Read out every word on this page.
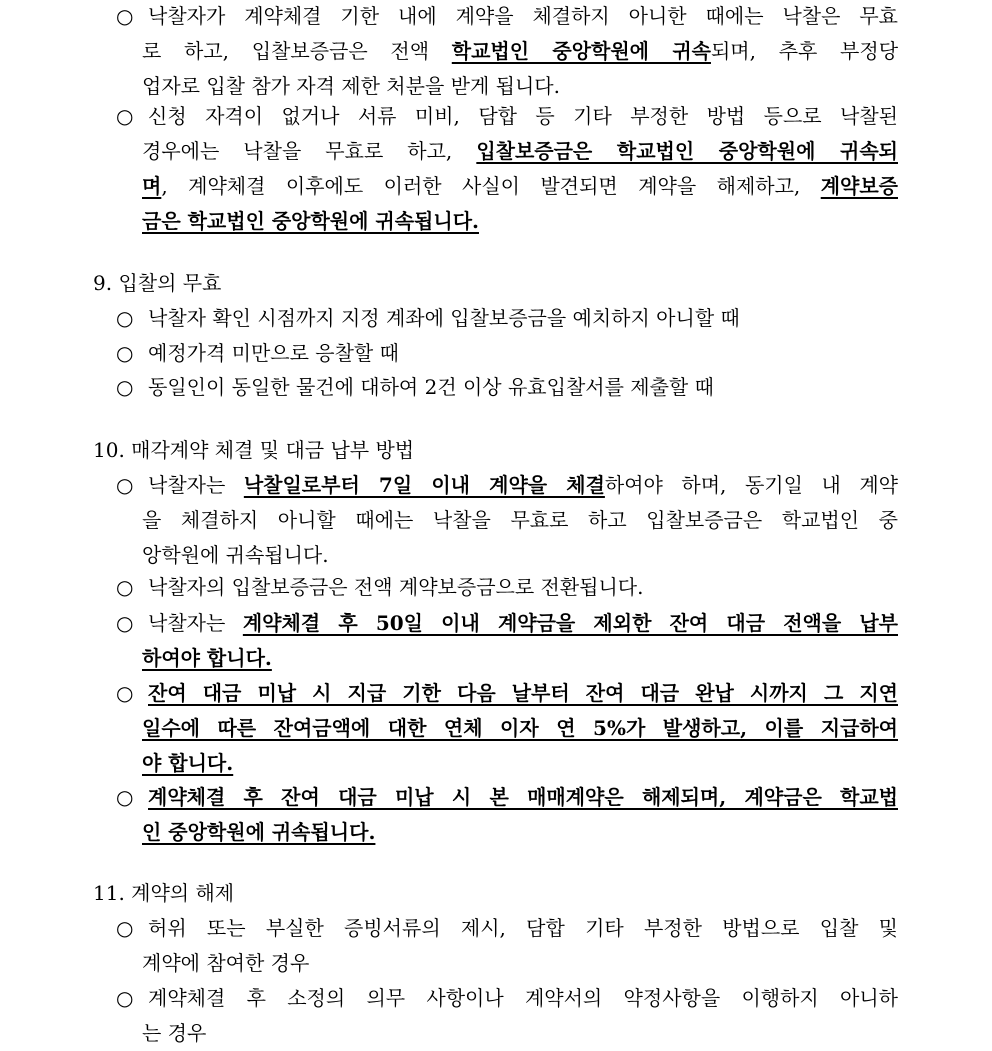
○ 낙찰자가 계약체결 기한 내에 계약을 체결하지 아니한 때에는 낙찰은 무효
로 하고, 입찰보증금은 전액 학교법인 중앙학원에 귀속되며, 추후 부정당
업자로 입찰 참가 자격 제한 처분을 받게 됩니다.
○ 신청 자격이 없거나 서류 미비, 담합 등 기타 부정한 방법 등으로 낙찰된
경우에는 낙찰을 무효로 하고, 입찰보증금은 학교법인 중앙학원에 귀속되
며, 계약체결 이후에도 이러한 사실이 발견되면 계약을 해제하고, 계약보증
금은 학교법인 중앙학원에 귀속됩니다.
9. 입찰의 무효
○ 낙찰자 확인 시점까지 지정 계좌에 입찰보증금을 예치하지 아니할 때
○ 예정가격 미만으로 응찰할 때
○ 동일인이 동일한 물건에 대하여 2건 이상 유효입찰서를 제출할 때
10. 매각계약 체결 및 대금 납부 방법
○ 낙찰자는 낙찰일로부터 7일 이내 계약을 체결하여야 하며, 동기일 내 계약
을 체결하지 아니할 때에는 낙찰을 무효로 하고 입찰보증금은 학교법인 중
앙학원에 귀속됩니다.
○ 낙찰자의 입찰보증금은 전액 계약보증금으로 전환됩니다.
○ 낙찰자는 계약체결 후 50일 이내 계약금을 제외한 잔여 대금 전액을 납부
하여야 합니다.
○ 잔여 대금 미납 시 지급 기한 다음 날부터 잔여 대금 완납 시까지 그 지연
일수에 따른 잔여금액에 대한 연체 이자 연 5%가 발생하고, 이를 지급하여
야 합니다.
○ 계약체결 후 잔여 대금 미납 시 본 매매계약은 해제되며, 계약금은 학교법
인 중앙학원에 귀속됩니다.
11. 계약의 해제
○ 허위 또는 부실한 증빙서류의 제시, 담합 기타 부정한 방법으로 입찰 및
계약에 참여한 경우
○ 계약체결 후 소정의 의무 사항이나 계약서의 약정사항을 이행하지 아니하
는 경우
